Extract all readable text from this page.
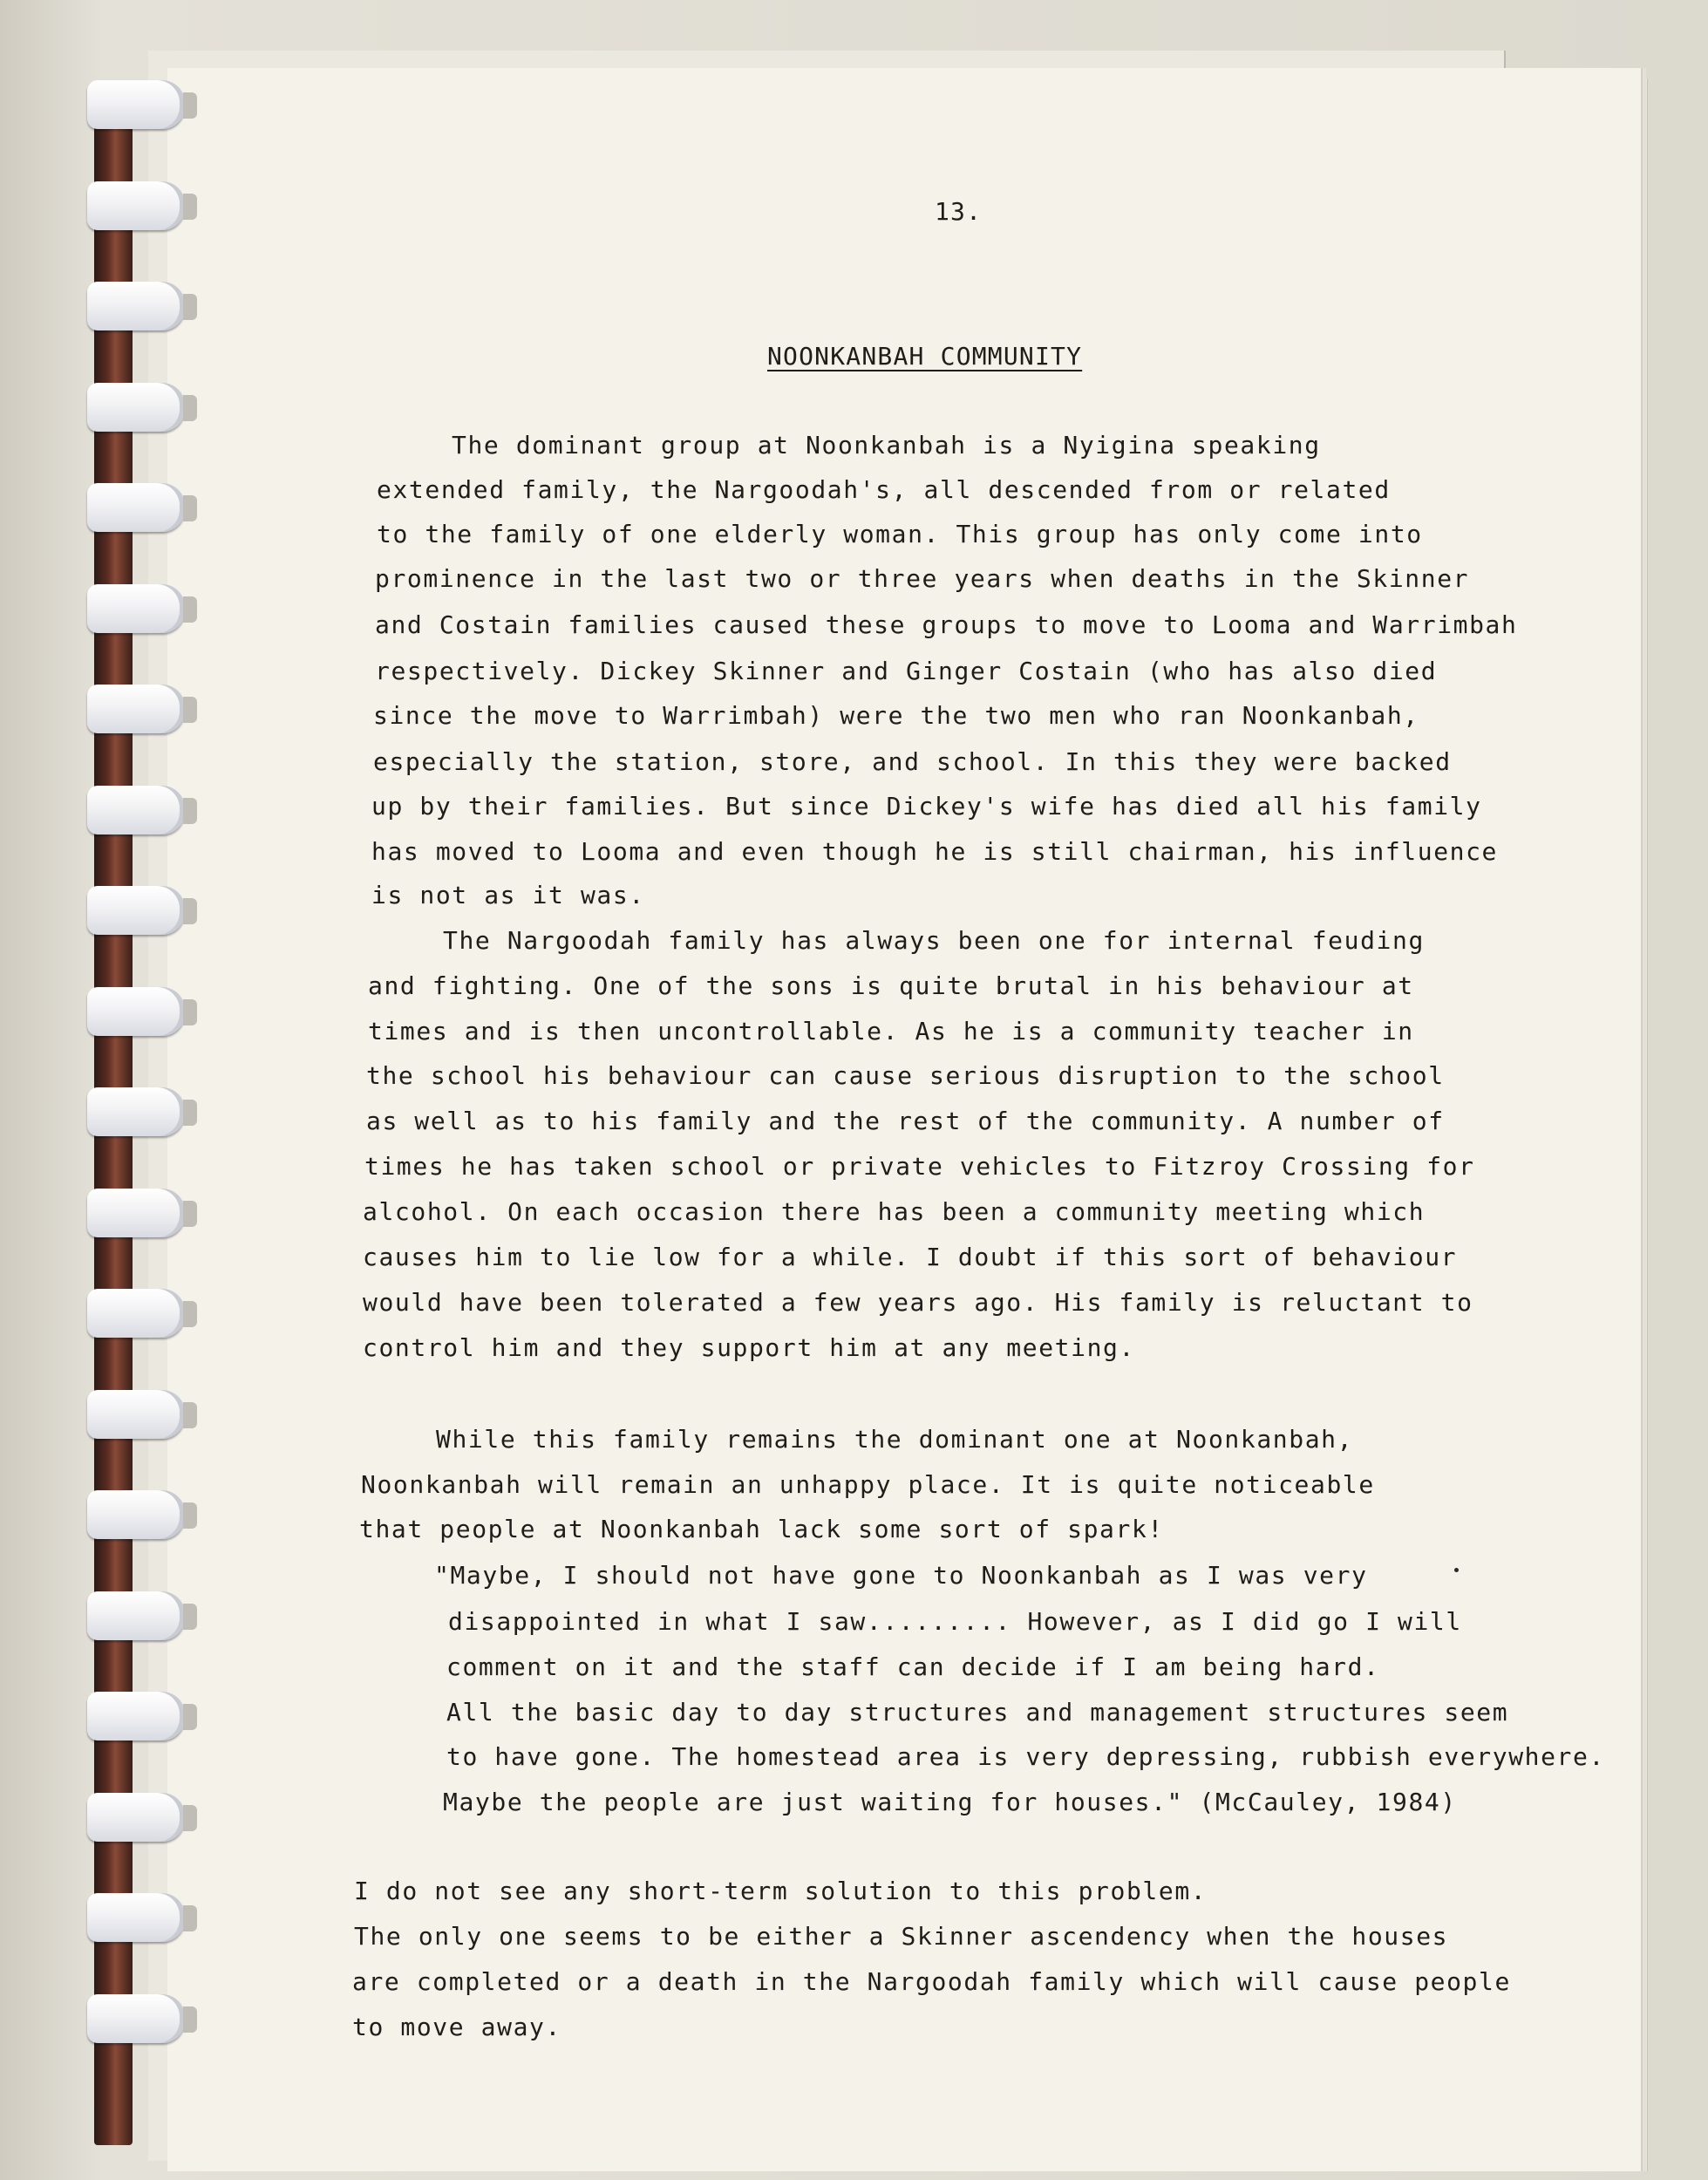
13.
NOONKANBAH COMMUNITY
The dominant group at Noonkanbah is a Nyigina speaking
extended family, the Nargoodah's, all descended from or related
to the family of one elderly woman. This group has only come into
prominence in the last two or three years when deaths in the Skinner
and Costain families caused these groups to move to Looma and Warrimbah
respectively. Dickey Skinner and Ginger Costain (who has also died
since the move to Warrimbah) were the two men who ran Noonkanbah,
especially the station, store, and school. In this they were backed
up by their families. But since Dickey's wife has died all his family
has moved to Looma and even though he is still chairman, his influence
is not as it was.
The Nargoodah family has always been one for internal feuding
and fighting. One of the sons is quite brutal in his behaviour at
times and is then uncontrollable. As he is a community teacher in
the school his behaviour can cause serious disruption to the school
as well as to his family and the rest of the community. A number of
times he has taken school or private vehicles to Fitzroy Crossing for
alcohol. On each occasion there has been a community meeting which
causes him to lie low for a while. I doubt if this sort of behaviour
would have been tolerated a few years ago. His family is reluctant to
control him and they support him at any meeting.
While this family remains the dominant one at Noonkanbah,
Noonkanbah will remain an unhappy place. It is quite noticeable
that people at Noonkanbah lack some sort of spark!
"Maybe, I should not have gone to Noonkanbah as I was very
disappointed in what I saw......... However, as I did go I will
comment on it and the staff can decide if I am being hard.
All the basic day to day structures and management structures seem
to have gone. The homestead area is very depressing, rubbish everywhere.
Maybe the people are just waiting for houses." (McCauley, 1984)
I do not see any short-term solution to this problem.
The only one seems to be either a Skinner ascendency when the houses
are completed or a death in the Nargoodah family which will cause people
to move away.
